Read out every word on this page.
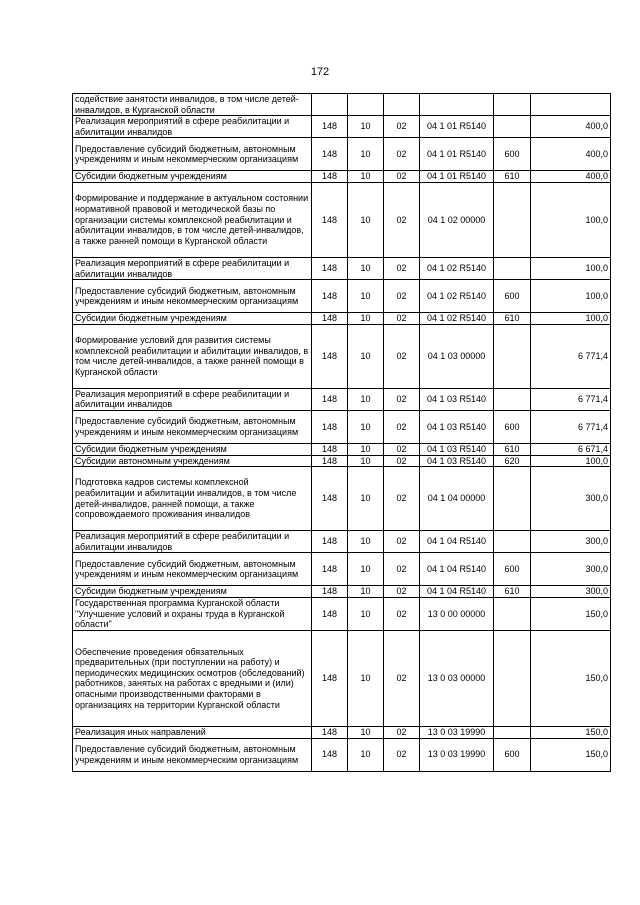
172
содействие занятости инвалидов, в том числе детей-инвалидов, в Курганской области						
Реализация мероприятий в сфере реабилитации и абилитации инвалидов	148	10	02	04 1 01 R5140		400,0
Предоставление субсидий бюджетным, автономным учреждениям и иным некоммерческим организациям	148	10	02	04 1 01 R5140	600	400,0
Субсидии бюджетным учреждениям	148	10	02	04 1 01 R5140	610	400,0
Формирование и поддержание в актуальном состоянии нормативной правовой и методической базы по организации системы комплексной реабилитации и абилитации инвалидов, в том числе детей-инвалидов, а также ранней помощи в Курганской области	148	10	02	04 1 02 00000		100,0
Реализация мероприятий в сфере реабилитации и абилитации инвалидов	148	10	02	04 1 02 R5140		100,0
Предоставление субсидий бюджетным, автономным учреждениям и иным некоммерческим организациям	148	10	02	04 1 02 R5140	600	100,0
Субсидии бюджетным учреждениям	148	10	02	04 1 02 R5140	610	100,0
Формирование условий для развития системы комплексной реабилитации и абилитации инвалидов, в том числе детей-инвалидов, а также ранней помощи в Курганской области	148	10	02	04 1 03 00000		6 771,4
Реализация мероприятий в сфере реабилитации и абилитации инвалидов	148	10	02	04 1 03 R5140		6 771,4
Предоставление субсидий бюджетным, автономным учреждениям и иным некоммерческим организациям	148	10	02	04 1 03 R5140	600	6 771,4
Субсидии бюджетным учреждениям	148	10	02	04 1 03 R5140	610	6 671,4
Субсидии автономным учреждениям	148	10	02	04 1 03 R5140	620	100,0
Подготовка кадров системы комплексной реабилитации и абилитации инвалидов, в том числе детей-инвалидов, ранней помощи, а также сопровождаемого проживания инвалидов	148	10	02	04 1 04 00000		300,0
Реализация мероприятий в сфере реабилитации и абилитации инвалидов	148	10	02	04 1 04 R5140		300,0
Предоставление субсидий бюджетным, автономным учреждениям и иным некоммерческим организациям	148	10	02	04 1 04 R5140	600	300,0
Субсидии бюджетным учреждениям	148	10	02	04 1 04 R5140	610	300,0
Государственная программа Курганской области "Улучшение условий и охраны труда в Курганской области"	148	10	02	13 0 00 00000		150,0
Обеспечение проведения обязательных предварительных (при поступлении на работу) и периодических медицинских осмотров (обследований) работников, занятых на работах с вредными и (или) опасными производственными факторами в организациях на территории Курганской области	148	10	02	13 0 03 00000		150,0
Реализация иных направлений	148	10	02	13 0 03 19990		150,0
Предоставление субсидий бюджетным, автономным учреждениям и иным некоммерческим организациям	148	10	02	13 0 03 19990	600	150,0
